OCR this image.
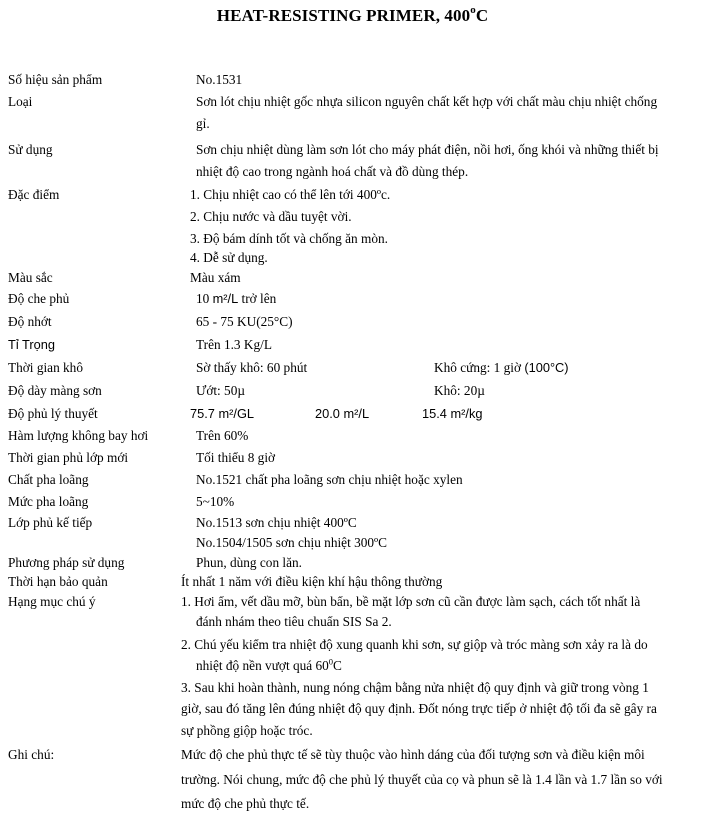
HEAT-RESISTING PRIMER, 400$^o$C
Số hiệu sản phẩm	No.1531
Loại	Sơn lót chịu nhiệt gốc nhựa silicon nguyên chất kết hợp với chất màu chịu nhiệt chống
gỉ.
Sử dụng	Sơn chịu nhiệt dùng làm sơn lót cho máy phát điện, nồi hơi, ống khói và những thiết bị
nhiệt độ cao trong ngành hoá chất và đồ dùng thép.
Đặc điểm	1. Chịu nhiệt cao có thể lên tới 400ºc.
2. Chịu nước và dầu tuyệt vời.
3. Độ bám dính tốt và chống ăn mòn.
4. Dễ sử dụng.
Màu sắc	Màu xám
Độ che phủ	10 m²/L trở lên
Độ nhớt	65 - 75 KU(25°C)
Tỉ Trọng	Trên 1.3 Kg/L
Thời gian khô	Sờ thấy khô: 60 phút	Khô cứng: 1 giờ (100°C)
Độ dày màng sơn	Ướt: 50µ	Khô: 20µ
Độ phủ lý thuyết	75.7 m²/GL	20.0 m²/L	15.4 m²/kg
Hàm lượng không bay hơi	Trên 60%
Thời gian phủ lớp mới	Tối thiểu 8 giờ
Chất pha loãng	No.1521 chất pha loãng sơn chịu nhiệt hoặc xylen
Mức pha loãng	5~10%
Lớp phủ kế tiếp	No.1513 sơn chịu nhiệt 400ºC
No.1504/1505 sơn chịu nhiệt 300ºC
Phương pháp sử dụng	Phun, dùng con lăn.
Thời hạn bảo quản	Ít nhất 1 năm với điều kiện khí hậu thông thường
Hạng mục chú ý	1. Hơi ẩm, vết dầu mỡ, bùn bẩn, bề mặt lớp sơn cũ cần được làm sạch, cách tốt nhất là
đánh nhám theo tiêu chuẩn SIS Sa 2.
2. Chú yếu kiểm tra nhiệt độ xung quanh khi sơn, sự giộp và tróc màng sơn xảy ra là do
nhiệt độ nền vượt quá $60^0C$
3. Sau khi hoàn thành, nung nóng chậm bằng nửa nhiệt độ quy định và giữ trong vòng 1
giờ, sau đó tăng lên đúng nhiệt độ quy định. Đốt nóng trực tiếp ở nhiệt độ tối đa sẽ gây ra
sự phồng giộp hoặc tróc.
Ghi chú:	Mức độ che phủ thực tế sẽ tùy thuộc vào hình dáng của đối tượng sơn và điều kiện môi
trường. Nói chung, mức độ che phủ lý thuyết của cọ và phun sẽ là 1.4 lần và 1.7 lần so với
mức độ che phủ thực tế.
